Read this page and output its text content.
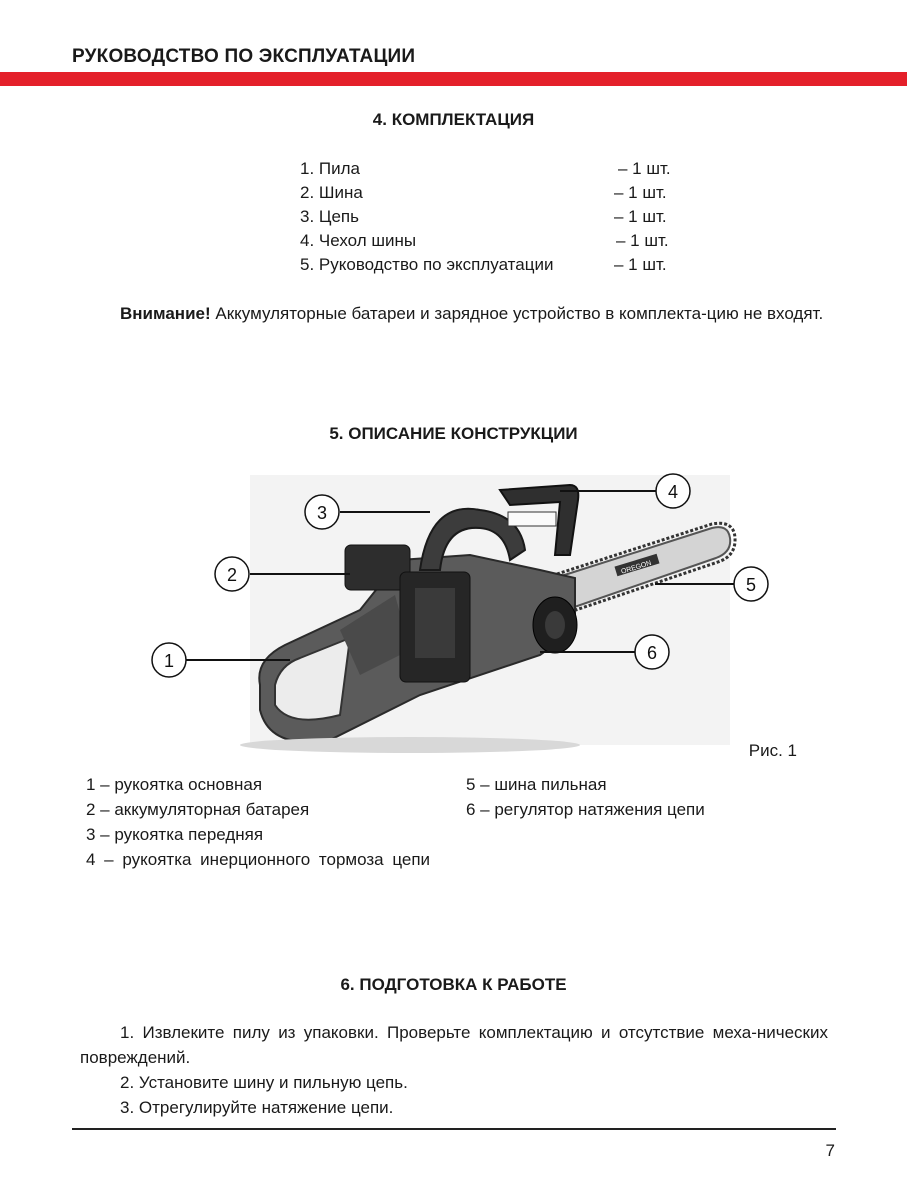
РУКОВОДСТВО ПО ЭКСПЛУАТАЦИИ
4. КОМПЛЕКТАЦИЯ
1. Пила	– 1 шт.
2. Шина	– 1 шт.
3. Цепь	– 1 шт.
4. Чехол шины	– 1 шт.
5. Руководство по эксплуатации	– 1 шт.
Внимание! Аккумуляторные батареи и зарядное устройство в комплекта-цию не входят.
5. ОПИСАНИЕ КОНСТРУКЦИИ
OREGON
1
2
3
4
5
6
Рис. 1
1 – рукоятка основная
2 – аккумуляторная батарея
3 – рукоятка передняя
4 – рукоятка инерционного тормоза цепи
5 – шина пильная
6 – регулятор натяжения цепи
6. ПОДГОТОВКА К РАБОТЕ
1. Извлеките пилу из упаковки. Проверьте комплектацию и отсутствие меха-нических повреждений.
2. Установите шину и пильную цепь.
3. Отрегулируйте натяжение цепи.
7
